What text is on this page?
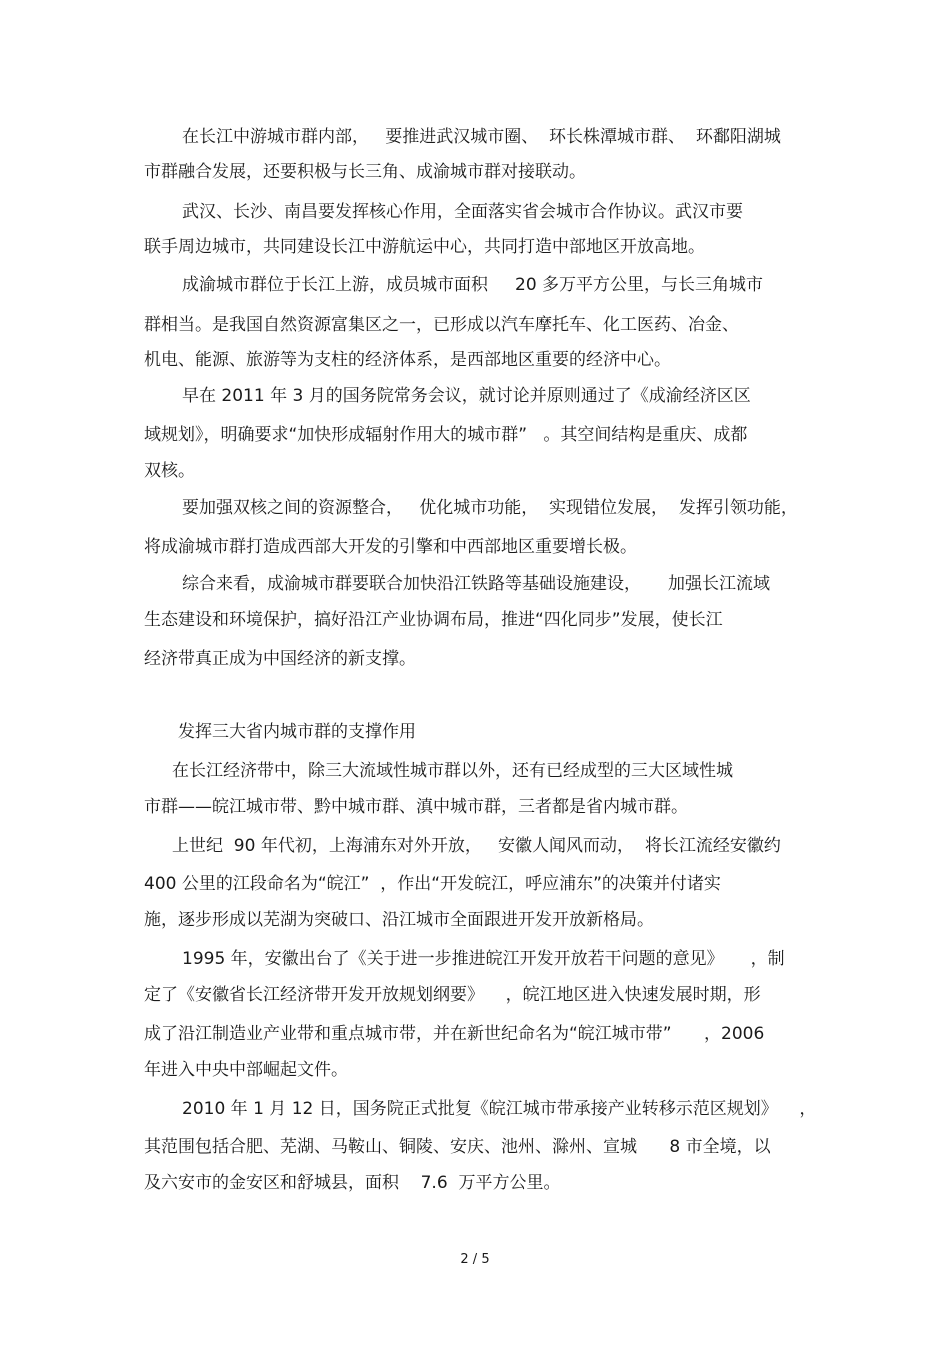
在长江中游城市群内部，   要推进武汉城市圈、  环长株潭城市群、  环鄱阳湖城
市群融合发展，还要积极与长三角、成渝城市群对接联动。
武汉、长沙、南昌要发挥核心作用，全面落实省会城市合作协议。武汉市要
联手周边城市，共同建设长江中游航运中心，共同打造中部地区开放高地。
成渝城市群位于长江上游，成员城市面积     20 多万平方公里，与长三角城市
群相当。是我国自然资源富集区之一，已形成以汽车摩托车、化工医药、冶金、
机电、能源、旅游等为支柱的经济体系，是西部地区重要的经济中心。
早在 2011 年 3 月的国务院常务会议，就讨论并原则通过了《成渝经济区区
域规划》，明确要求“加快形成辐射作用大的城市群”   。其空间结构是重庆、成都
双核。
要加强双核之间的资源整合，   优化城市功能，  实现错位发展，  发挥引领功能，
将成渝城市群打造成西部大开发的引擎和中西部地区重要增长极。
综合来看，成渝城市群要联合加快沿江铁路等基础设施建设，     加强长江流域
生态建设和环境保护，搞好沿江产业协调布局，推进“四化同步”发展，使长江
经济带真正成为中国经济的新支撑。
发挥三大省内城市群的支撑作用
在长江经济带中，除三大流域性城市群以外，还有已经成型的三大区域性城
市群——皖江城市带、黔中城市群、滇中城市群，三者都是省内城市群。
上世纪  90 年代初，上海浦东对外开放，   安徽人闻风而动，  将长江流经安徽约
400 公里的江段命名为“皖江”  ，作出“开发皖江，呼应浦东”的决策并付诸实
施，逐步形成以芜湖为突破口、沿江城市全面跟进开发开放新格局。
1995 年，安徽出台了《关于进一步推进皖江开发开放若干问题的意见》     ，制
定了《安徽省长江经济带开发开放规划纲要》    ，皖江地区进入快速发展时期，形
成了沿江制造业产业带和重点城市带，并在新世纪命名为“皖江城市带”      ，2006
年进入中央中部崛起文件。
2010 年 1 月 12 日，国务院正式批复《皖江城市带承接产业转移示范区规划》    ，
其范围包括合肥、芜湖、马鞍山、铜陵、安庆、池州、滁州、宣城      8 市全境，以
及六安市的金安区和舒城县，面积    7.6  万平方公里。
2 / 5
